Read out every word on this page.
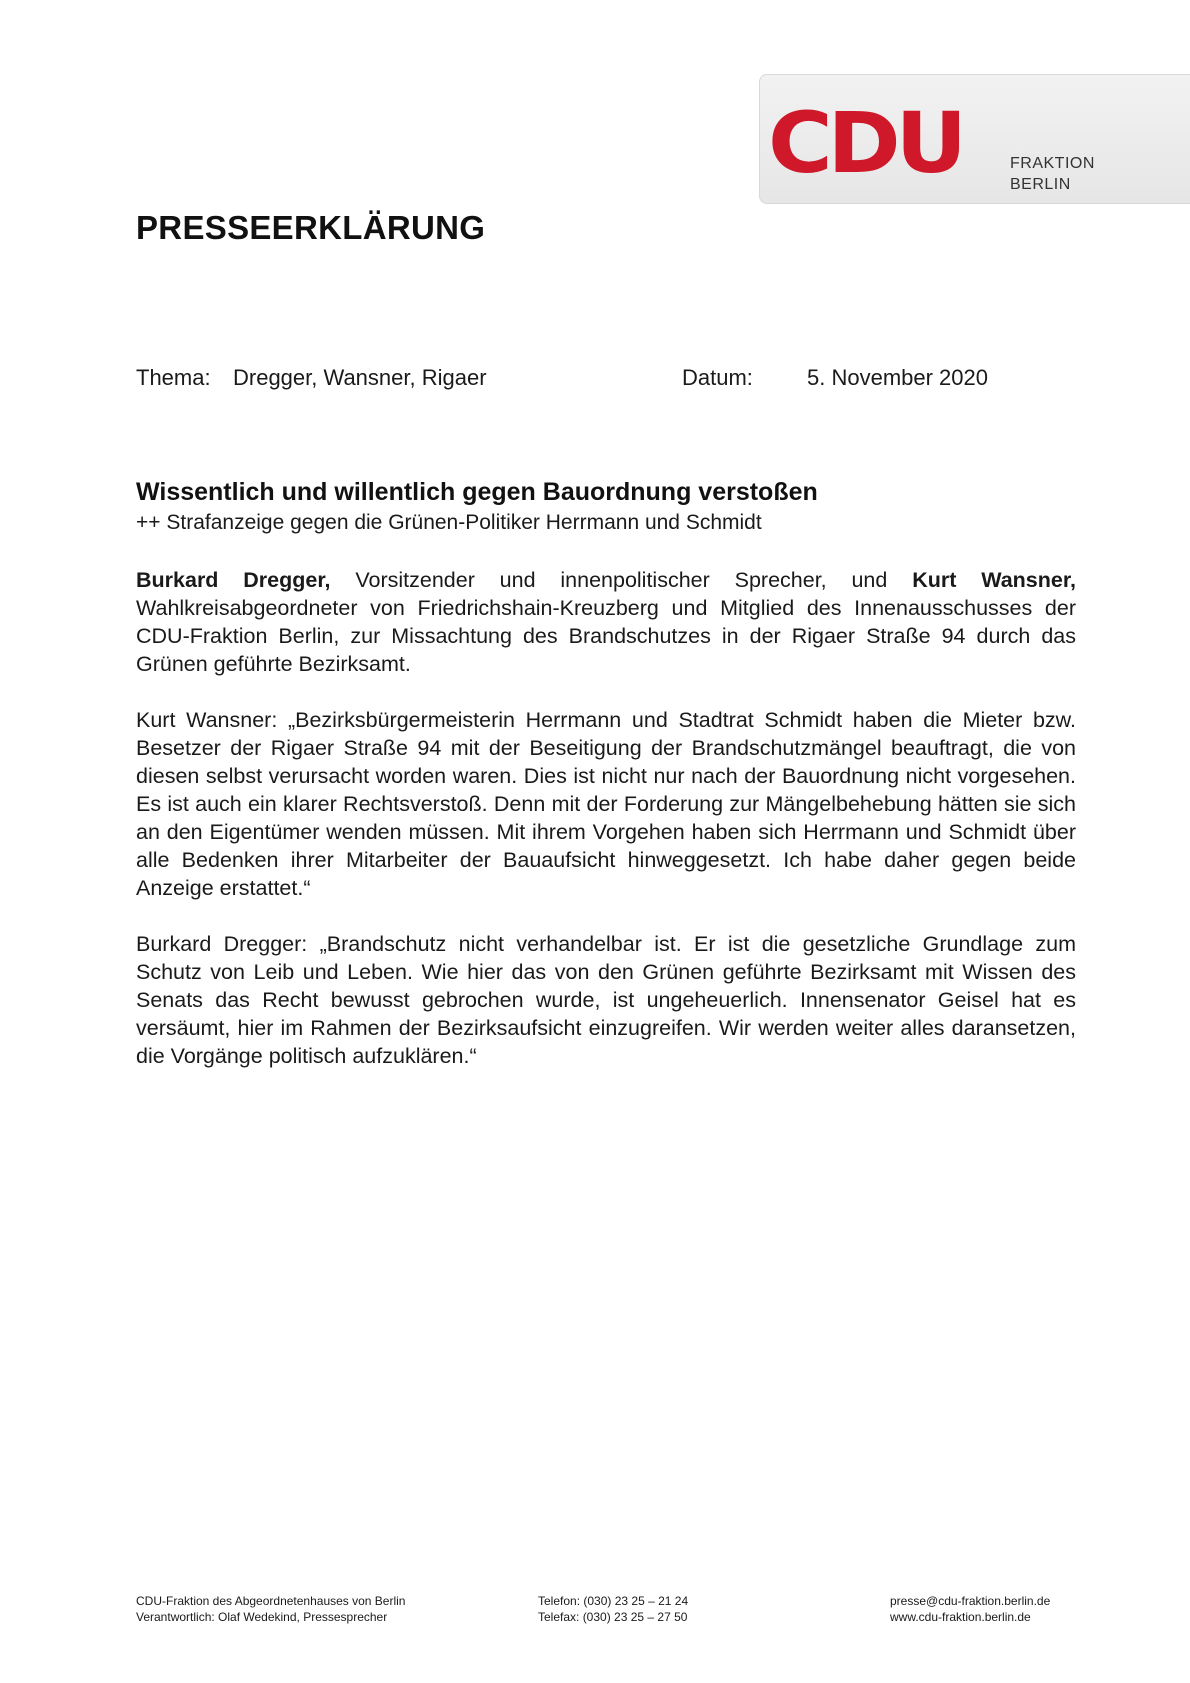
CDU	FRAKTION
BERLIN
PRESSEERKLÄRUNG
Thema: Dregger, Wansner, Rigaer	Datum: 5. November 2020
Wissentlich und willentlich gegen Bauordnung verstoßen
++ Strafanzeige gegen die Grünen-Politiker Herrmann und Schmidt

Burkard Dregger, Vorsitzender und innenpolitischer Sprecher, und Kurt Wansner, Wahlkreisabgeordneter von Friedrichshain-Kreuzberg und Mitglied des Innenausschusses der CDU-Fraktion Berlin, zur Missachtung des Brandschutzes in der Rigaer Straße 94 durch das Grünen geführte Bezirksamt.

Kurt Wansner: „Bezirksbürgermeisterin Herrmann und Stadtrat Schmidt haben die Mieter bzw. Besetzer der Rigaer Straße 94 mit der Beseitigung der Brandschutzmängel beauftragt, die von diesen selbst verursacht worden waren. Dies ist nicht nur nach der Bauordnung nicht vorgesehen. Es ist auch ein klarer Rechtsverstoß. Denn mit der Forderung zur Mängelbehebung hätten sie sich an den Eigentümer wenden müssen. Mit ihrem Vorgehen haben sich Herrmann und Schmidt über alle Bedenken ihrer Mitarbeiter der Bauaufsicht hinweggesetzt. Ich habe daher gegen beide Anzeige erstattet.“

Burkard Dregger: „Brandschutz nicht verhandelbar ist. Er ist die gesetzliche Grundlage zum Schutz von Leib und Leben. Wie hier das von den Grünen geführte Bezirksamt mit Wissen des Senats das Recht bewusst gebrochen wurde, ist ungeheuerlich. Innensenator Geisel hat es versäumt, hier im Rahmen der Bezirksaufsicht einzugreifen. Wir werden weiter alles daransetzen, die Vorgänge politisch aufzuklären.“

CDU-Fraktion des Abgeordnetenhauses von Berlin
Verantwortlich: Olaf Wedekind, Pressesprecher
Telefon: (030) 23 25 – 21 24
Telefax: (030) 23 25 – 27 50
presse@cdu-fraktion.berlin.de
www.cdu-fraktion.berlin.de
